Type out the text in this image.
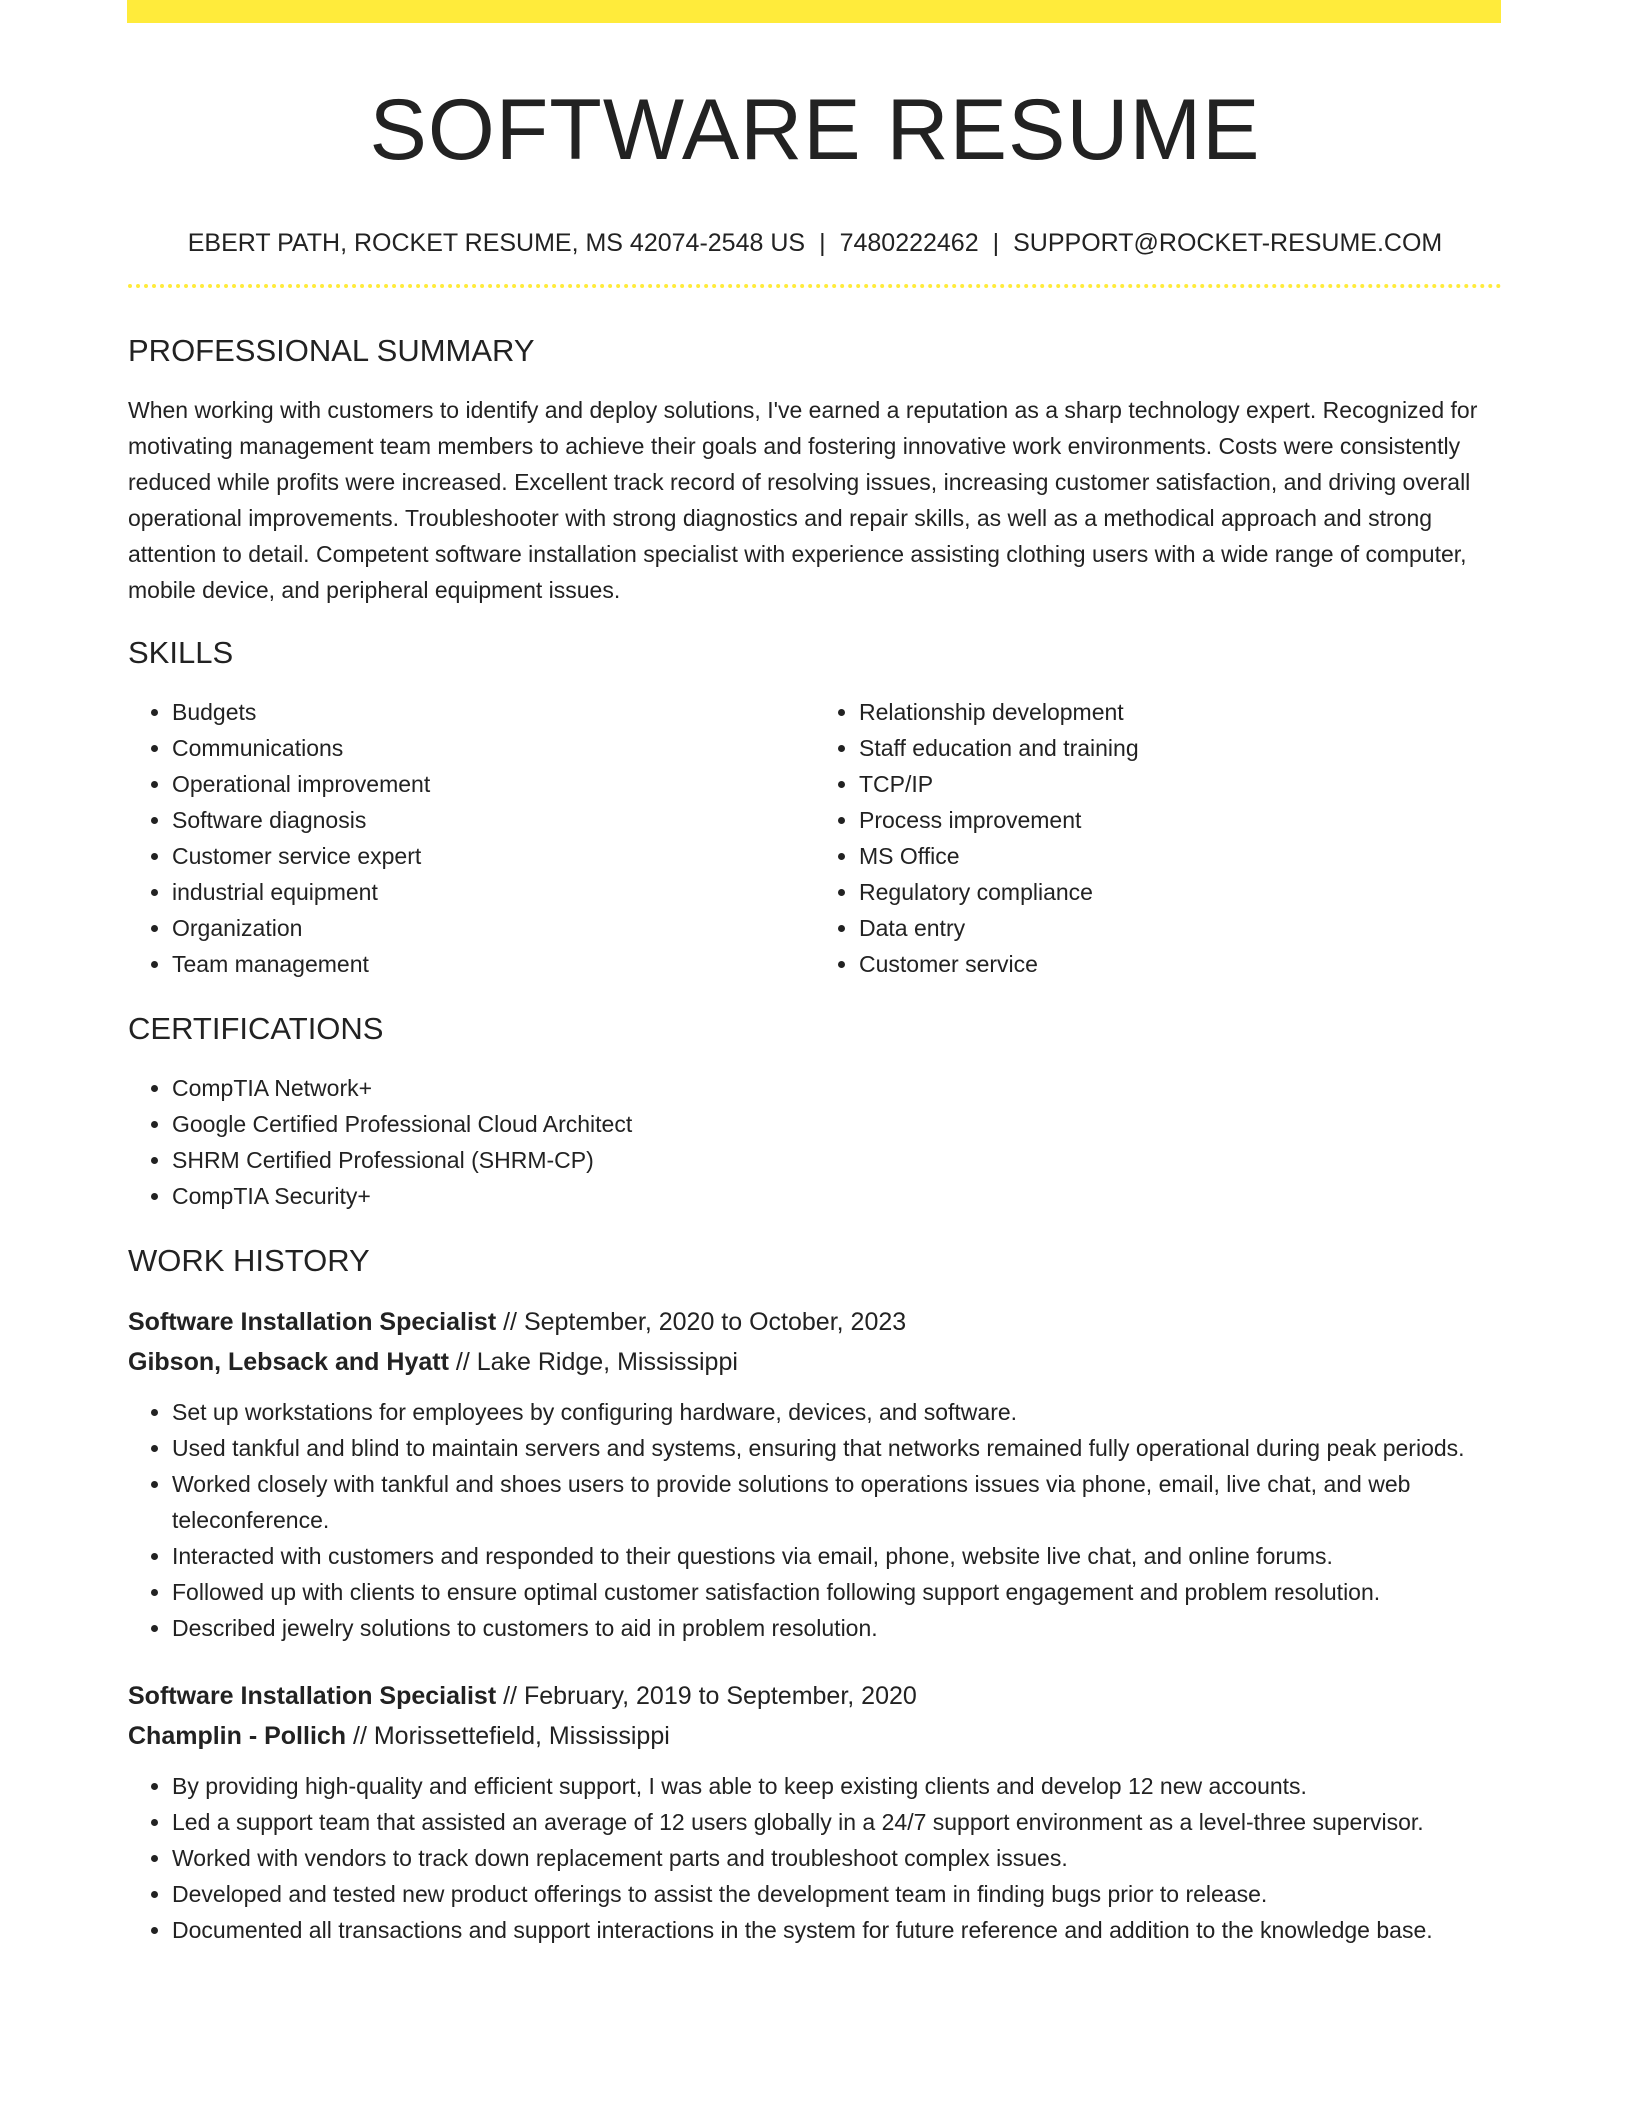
SOFTWARE RESUME
EBERT PATH, ROCKET RESUME, MS 42074-2548 US | 7480222462 | SUPPORT@ROCKET-RESUME.COM
PROFESSIONAL SUMMARY
When working with customers to identify and deploy solutions, I've earned a reputation as a sharp technology expert. Recognized for motivating management team members to achieve their goals and fostering innovative work environments. Costs were consistently reduced while profits were increased. Excellent track record of resolving issues, increasing customer satisfaction, and driving overall operational improvements. Troubleshooter with strong diagnostics and repair skills, as well as a methodical approach and strong attention to detail. Competent software installation specialist with experience assisting clothing users with a wide range of computer, mobile device, and peripheral equipment issues.
SKILLS
• Budgets
• Communications
• Operational improvement
• Software diagnosis
• Customer service expert
• industrial equipment
• Organization
• Team management
• Relationship development
• Staff education and training
• TCP/IP
• Process improvement
• MS Office
• Regulatory compliance
• Data entry
• Customer service
CERTIFICATIONS
• CompTIA Network+
• Google Certified Professional Cloud Architect
• SHRM Certified Professional (SHRM-CP)
• CompTIA Security+
WORK HISTORY
Software Installation Specialist // September, 2020 to October, 2023
Gibson, Lebsack and Hyatt // Lake Ridge, Mississippi
• Set up workstations for employees by configuring hardware, devices, and software.
• Used tankful and blind to maintain servers and systems, ensuring that networks remained fully operational during peak periods.
• Worked closely with tankful and shoes users to provide solutions to operations issues via phone, email, live chat, and web teleconference.
• Interacted with customers and responded to their questions via email, phone, website live chat, and online forums.
• Followed up with clients to ensure optimal customer satisfaction following support engagement and problem resolution.
• Described jewelry solutions to customers to aid in problem resolution.
Software Installation Specialist // February, 2019 to September, 2020
Champlin - Pollich // Morissettefield, Mississippi
• By providing high-quality and efficient support, I was able to keep existing clients and develop 12 new accounts.
• Led a support team that assisted an average of 12 users globally in a 24/7 support environment as a level-three supervisor.
• Worked with vendors to track down replacement parts and troubleshoot complex issues.
• Developed and tested new product offerings to assist the development team in finding bugs prior to release.
• Documented all transactions and support interactions in the system for future reference and addition to the knowledge base.
